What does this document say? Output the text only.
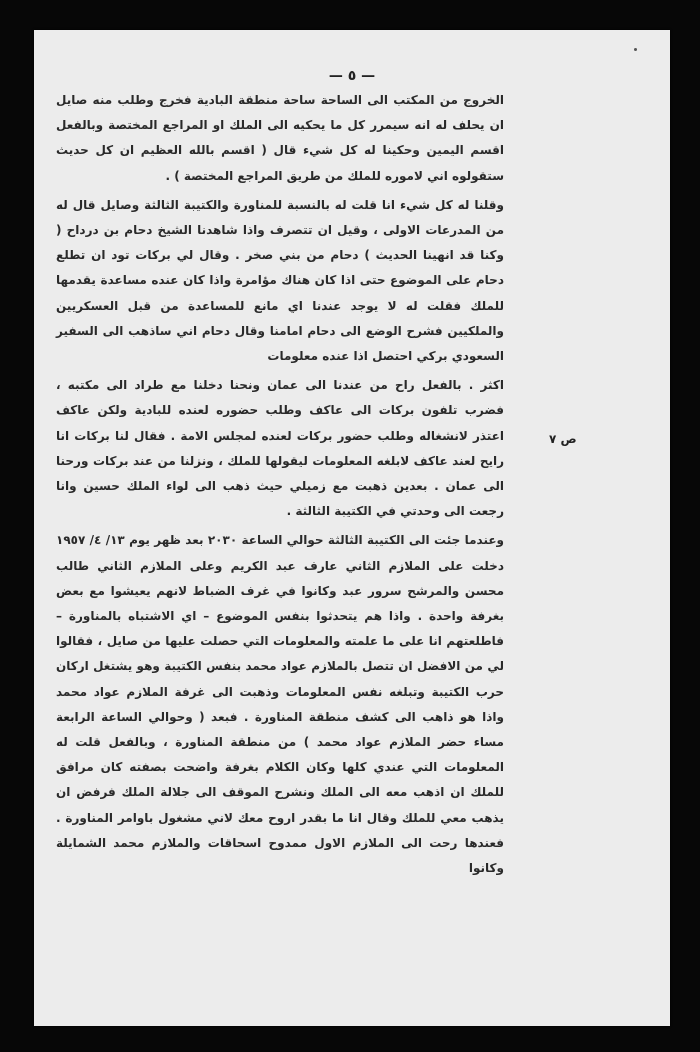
— ٥ —
ص ٧

الخروج من المكتب الى الساحة ساحة منطقة البادية فخرج وطلب منه صايل ان يحلف له انه سيمرر كل ما يحكيه الى الملك او المراجع المختصة وبالفعل اقسم اليمين وحكينا له كل شيء قال ( اقسم بالله العظيم ان كل حديث ستقولوه اني لاموره للملك من طريق المراجع المختصة ) .

وقلنا له كل شيء انا قلت له بالنسبة للمناورة والكتيبة الثالثة وصايل قال له من المدرعات الاولى ، وقيل ان تتصرف واذا شاهدنا الشيخ دحام بن درداح ( وكنا قد انهينا الحديث ) دحام من بني صخر . وقال لي بركات تود ان تطلع دحام على الموضوع حتى اذا كان هناك مؤامرة واذا كان عنده مساعدة يقدمها للملك فقلت له لا يوجد عندنا اي مانع للمساعدة من قبل العسكريين والملكيين فشرح الوضع الى دحام امامنا وقال دحام اني ساذهب الى السفير السعودي بركي احتصل اذا عنده معلومات

اكثر . بالفعل راح من عندنا الى عمان ونحنا دخلنا مع طراد الى مكتبه ، فضرب تلفون بركات الى عاكف وطلب حضوره لعنده للبادية ولكن عاكف اعتذر لانشغاله وطلب حضور بركات لعنده لمجلس الامة . فقال لنا بركات انا رايح لعند عاكف لابلغه المعلومات ليقولها للملك ، ونزلنا من عند بركات ورحنا الى عمان . بعدين ذهبت مع زميلي حيث ذهب الى لواء الملك حسين وانا رجعت الى وحدتي في الكتيبة الثالثة .

وعندما جئت الى الكتيبة الثالثة حوالي الساعة ٢٠٣٠ بعد ظهر يوم ١٣/ ٤/ ١٩٥٧ دخلت على الملازم الثاني عارف عبد الكريم وعلى الملازم الثاني طالب محسن والمرشح سرور عبد وكانوا في غرف الضباط لانهم يعيشوا مع بعض بغرفة واحدة . واذا هم يتحدثوا بنفس الموضوع – اي الاشتباه بالمناورة – فاطلعتهم انا على ما علمته والمعلومات التي حصلت عليها من صايل ، فقالوا لي من الافضل ان تتصل بالملازم عواد محمد بنفس الكتيبة وهو يشتغل اركان حرب الكتيبة وتبلغه نفس المعلومات وذهبت الى غرفة الملازم عواد محمد واذا هو ذاهب الى كشف منطقة المناورة . فبعد ( وحوالي الساعة الرابعة مساء حضر الملازم عواد محمد ) من منطقة المناورة ، وبالفعل قلت له المعلومات التي عندي كلها وكان الكلام بغرفة واضحت بصفته كان مرافق للملك ان اذهب معه الى الملك ونشرح الموقف الى جلالة الملك فرفض ان يذهب معي للملك وقال انا ما بقدر اروح معك لاني مشغول باوامر المناورة . فعندها رحت الى الملازم الاول ممدوح اسحاقات والملازم محمد الشمايلة وكانوا
